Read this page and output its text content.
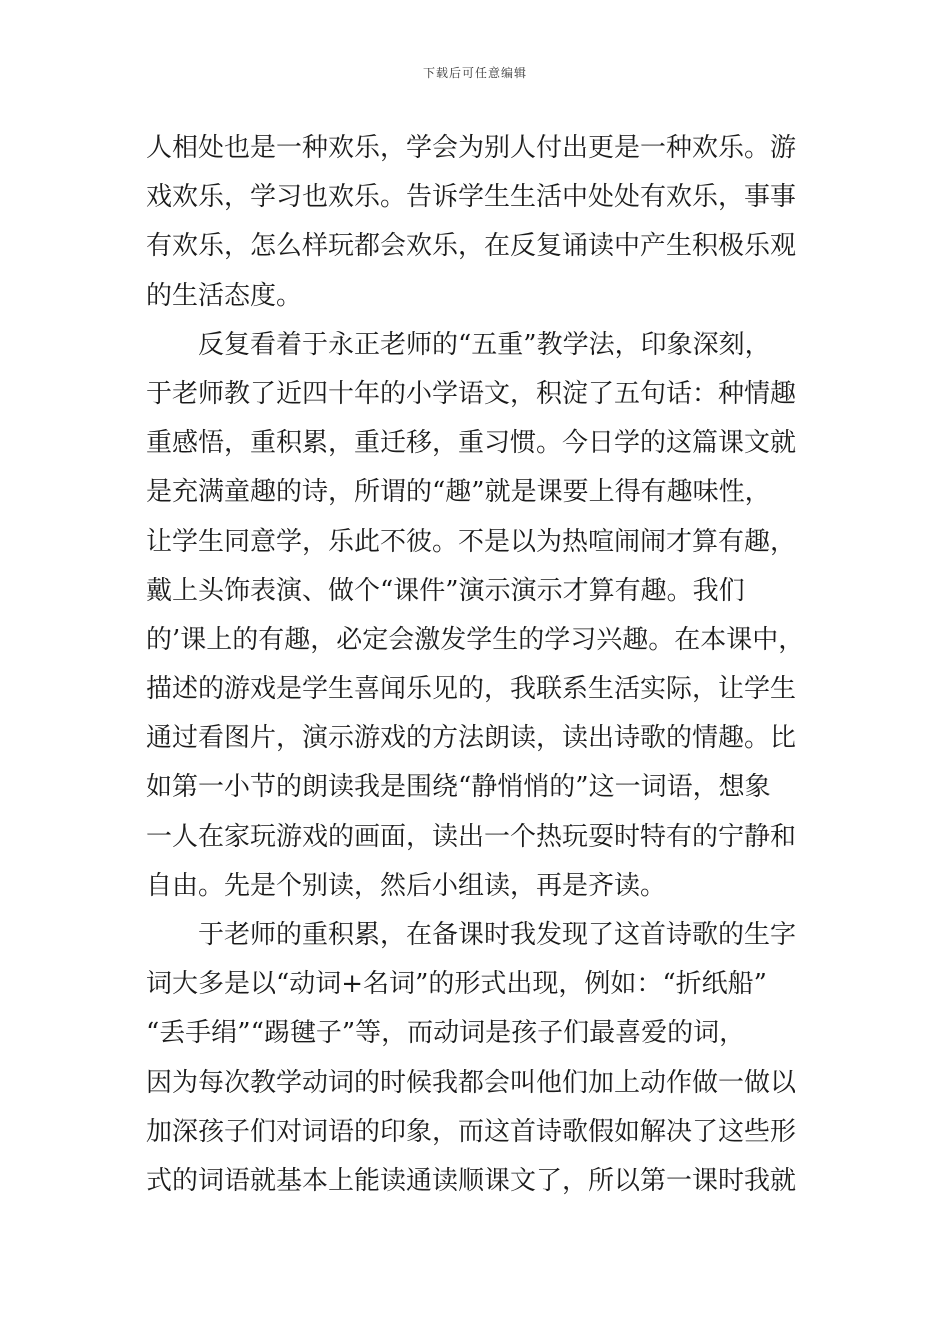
下载后可任意编辑
人相处也是一种欢乐，学会为别人付出更是一种欢乐。游
戏欢乐，学习也欢乐。告诉学生生活中处处有欢乐，事事
有欢乐，怎么样玩都会欢乐，在反复诵读中产生积极乐观
的生活态度。
反复看着于永正老师的“五重”教学法，印象深刻，
于老师教了近四十年的小学语文，积淀了五句话：种情趣
重感悟，重积累，重迁移，重习惯。今日学的这篇课文就
是充满童趣的诗，所谓的“趣”就是课要上得有趣味性，
让学生同意学，乐此不彼。不是以为热喧闹闹才算有趣，
戴上头饰表演、做个“课件”演示演示才算有趣。我们
的’课上的有趣，必定会激发学生的学习兴趣。在本课中，
描述的游戏是学生喜闻乐见的，我联系生活实际，让学生
通过看图片，演示游戏的方法朗读，读出诗歌的情趣。比
如第一小节的朗读我是围绕“静悄悄的”这一词语，想象
一人在家玩游戏的画面，读出一个热玩耍时特有的宁静和
自由。先是个别读，然后小组读，再是齐读。
于老师的重积累，在备课时我发现了这首诗歌的生字
词大多是以“动词+名词”的形式出现，例如：“折纸船”
“丢手绢”“踢毽子”等，而动词是孩子们最喜爱的词，
因为每次教学动词的时候我都会叫他们加上动作做一做以
加深孩子们对词语的印象，而这首诗歌假如解决了这些形
式的词语就基本上能读通读顺课文了，所以第一课时我就
